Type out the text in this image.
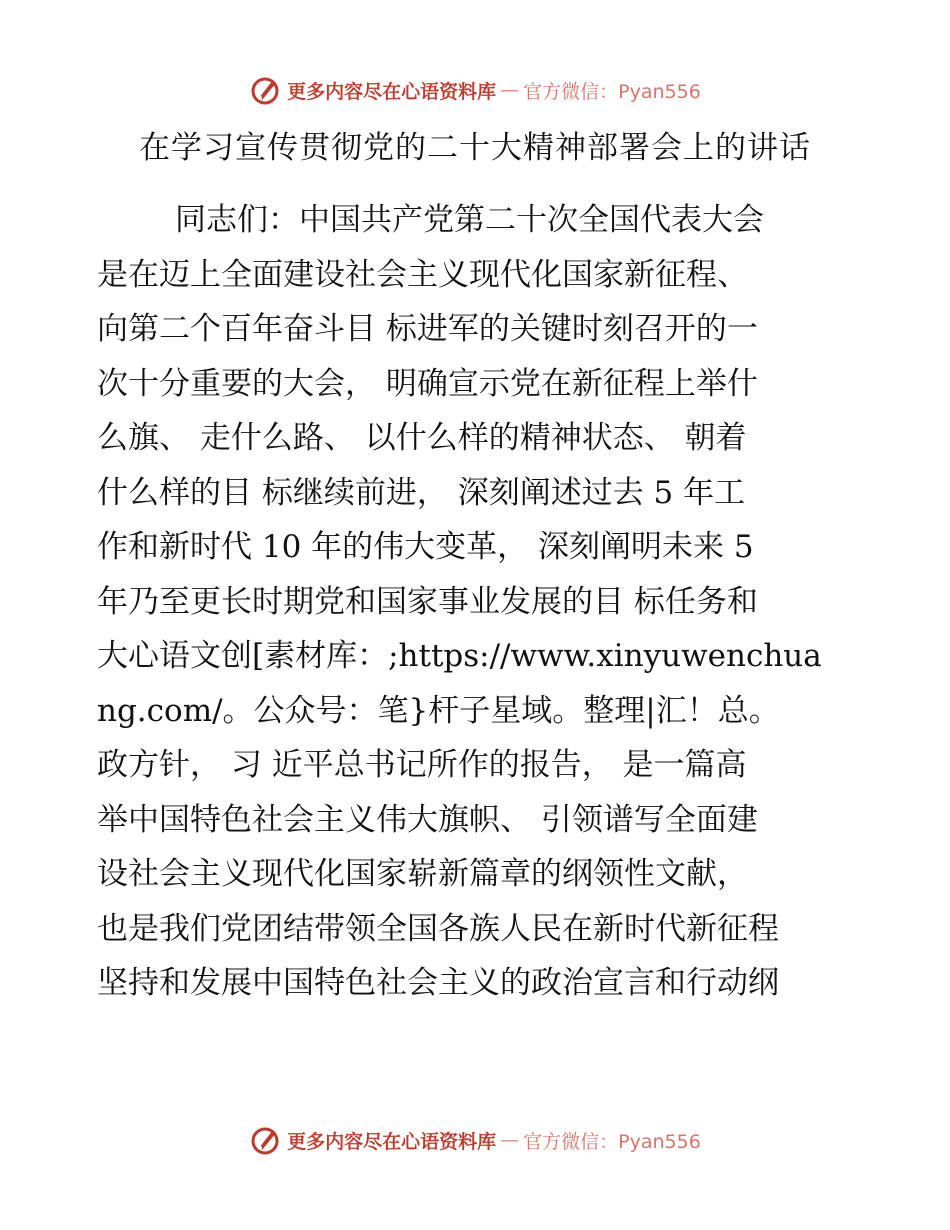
更多内容尽在心语资料库 — 官方微信：Pyan556
在学习宣传贯彻党的二十大精神部署会上的讲话
同志们：中国共产党第二十次全国代表大会
是在迈上全面建设社会主义现代化国家新征程、
向第二个百年奋斗目 标进军的关键时刻召开的一
次十分重要的大会， 明确宣示党在新征程上举什
么旗、 走什么路、 以什么样的精神状态、 朝着
什么样的目 标继续前进， 深刻阐述过去 5 年工
作和新时代 10 年的伟大变革， 深刻阐明未来 5
年乃至更长时期党和国家事业发展的目 标任务和
大心语文创[素材库：;https://www.xinyuwenchua
ng.com/。公众号：笔}杆子星域。整理|汇！总。
政方针， 习 近平总书记所作的报告， 是一篇高
举中国特色社会主义伟大旗帜、 引领谱写全面建
设社会主义现代化国家崭新篇章的纲领性文献，
也是我们党团结带领全国各族人民在新时代新征程
坚持和发展中国特色社会主义的政治宣言和行动纲
更多内容尽在心语资料库 — 官方微信：Pyan556
